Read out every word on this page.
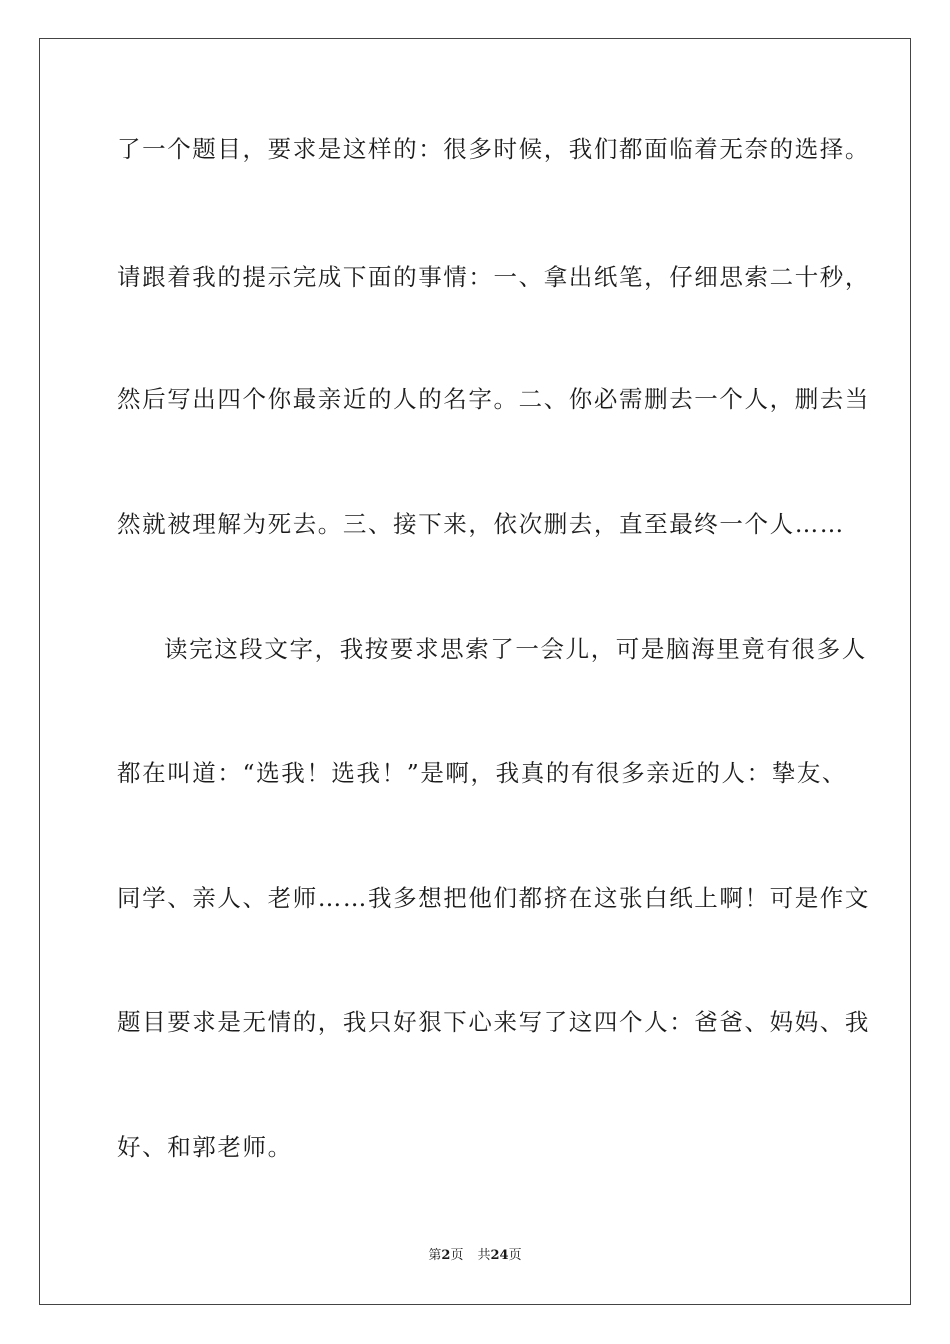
了一个题目，要求是这样的：很多时候，我们都面临着无奈的选择。
请跟着我的提示完成下面的事情：一、拿出纸笔，仔细思索二十秒，
然后写出四个你最亲近的人的名字。二、你必需删去一个人，删去当
然就被理解为死去。三、接下来，依次删去，直至最终一个人……
读完这段文字，我按要求思索了一会儿，可是脑海里竟有很多人
都在叫道：“选我！选我！”是啊，我真的有很多亲近的人：挚友、
同学、亲人、老师……我多想把他们都挤在这张白纸上啊！可是作文
题目要求是无情的，我只好狠下心来写了这四个人：爸爸、妈妈、我
好、和郭老师。
第2页 共24页
